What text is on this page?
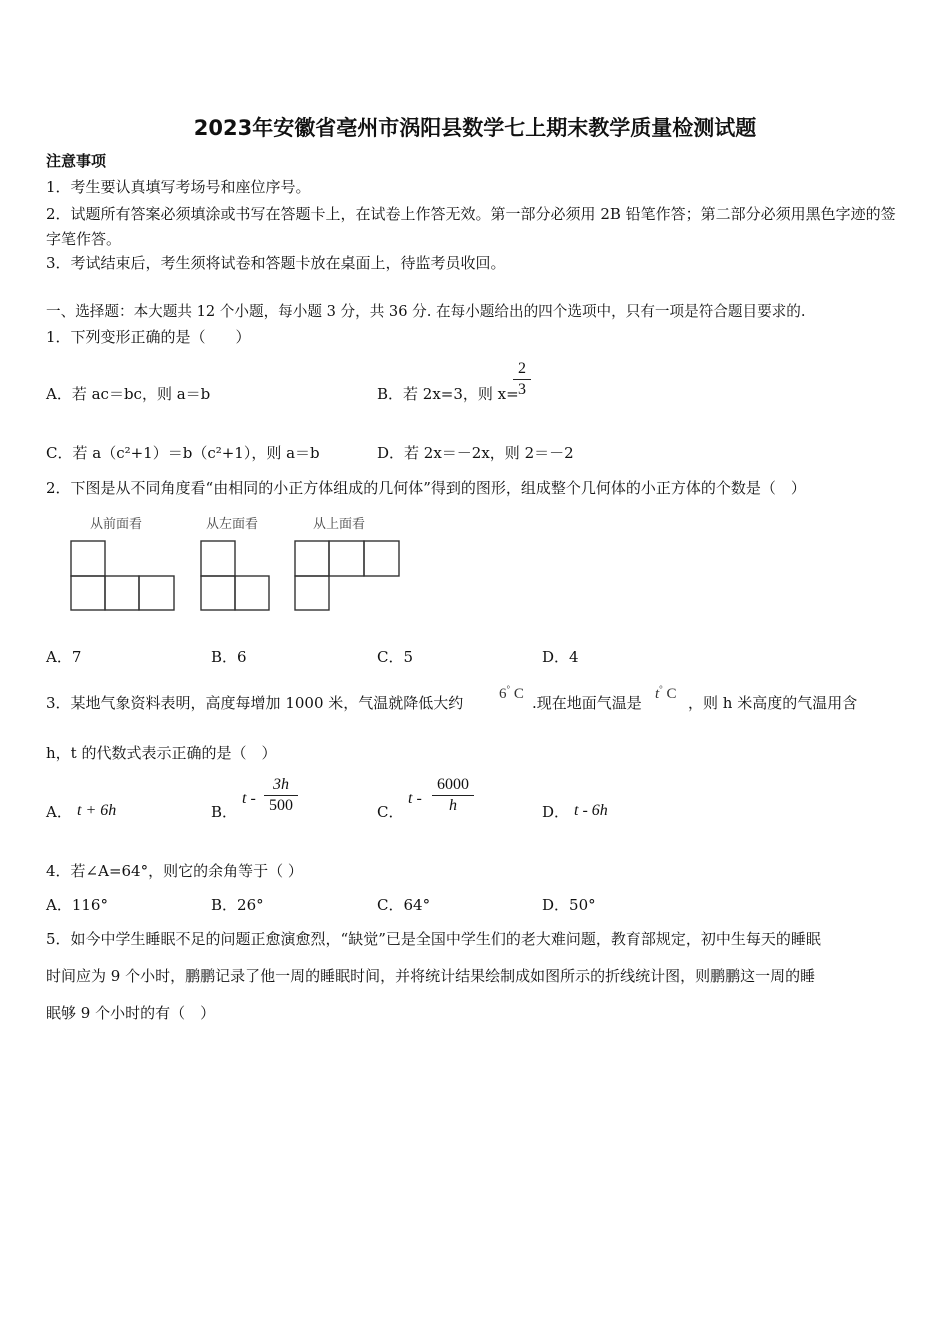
2023年安徽省亳州市涡阳县数学七上期末教学质量检测试题
注意事项
1．考生要认真填写考场号和座位序号。
2．试题所有答案必须填涂或书写在答题卡上，在试卷上作答无效。第一部分必须用 2B 铅笔作答；第二部分必须用黑色字迹的签字笔作答。
3．考试结束后，考生须将试卷和答题卡放在桌面上，待监考员收回。
一、选择题：本大题共 12 个小题，每小题 3 分，共 36 分. 在每小题给出的四个选项中，只有一项是符合题目要求的.
1．下列变形正确的是（　　）
A．若 ac＝bc，则 a＝b	B．若 2x=3，则 x=
2
3
C．若 a（c²+1）＝b（c²+1），则 a＝b	D．若 2x＝－2x，则 2＝－2
2．下图是从不同角度看“由相同的小正方体组成的几何体”得到的图形，组成整个几何体的小正方体的个数是（　）
从前面看	从左面看	从上面看
A．7	B．6	C．5	D．4
3．某地气象资料表明，高度每增加 1000 米，气温就降低大约 6° C .现在地面气温是 t° C ，则 h 米高度的气温用含
h，t 的代数式表示正确的是（　）
A． t + 6h	B．
t -
3h
500	C．
t -
6000
h	D． t - 6h
4．若∠A=64°，则它的余角等于（ ）
A．116°	B．26°	C．64°	D．50°
5．如今中学生睡眠不足的问题正愈演愈烈，“缺觉”已是全国中学生们的老大难问题，教育部规定，初中生每天的睡眠
时间应为 9 个小时，鹏鹏记录了他一周的睡眠时间，并将统计结果绘制成如图所示的折线统计图，则鹏鹏这一周的睡
眠够 9 个小时的有（　）
